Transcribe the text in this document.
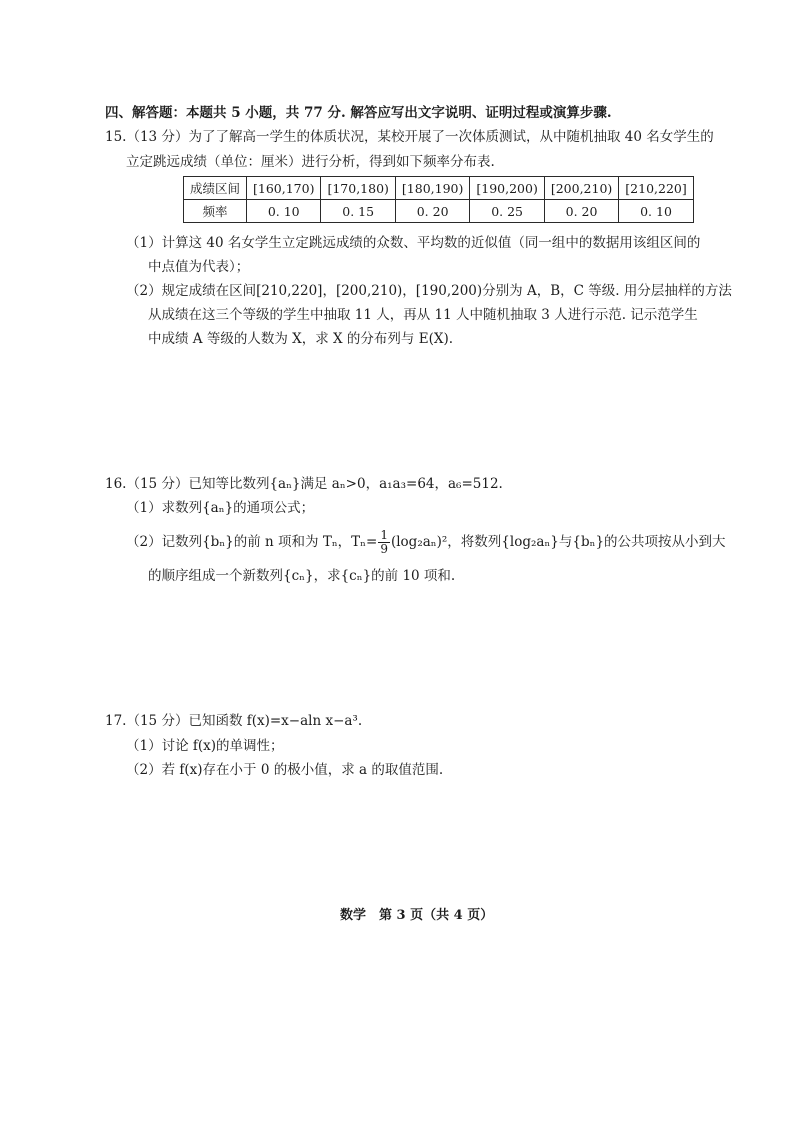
四、解答题：本题共 5 小题，共 77 分. 解答应写出文字说明、证明过程或演算步骤.
15.（13 分）为了了解高一学生的体质状况，某校开展了一次体质测试，从中随机抽取 40 名女学生的
立定跳远成绩（单位：厘米）进行分析，得到如下频率分布表.
成绩区间	[160,170)	[170,180)	[180,190)	[190,200)	[200,210)	[210,220]
频率	0. 10	0. 15	0. 20	0. 25	0. 20	0. 10
（1）计算这 40 名女学生立定跳远成绩的众数、平均数的近似值（同一组中的数据用该组区间的
中点值为代表）；
（2）规定成绩在区间[210,220]，[200,210)，[190,200)分别为 A，B，C 等级. 用分层抽样的方法
从成绩在这三个等级的学生中抽取 11 人，再从 11 人中随机抽取 3 人进行示范. 记示范学生
中成绩 A 等级的人数为 X，求 X 的分布列与 E(X).
16.（15 分）已知等比数列{aₙ}满足 aₙ>0，a₁a₃=64，a₆=512.
（1）求数列{aₙ}的通项公式；
（2）记数列{bₙ}的前 n 项和为 Tₙ，$T_n= \frac{1}{9} (\log_2a_n)^2$，将数列{log₂aₙ}与{bₙ}的公共项按从小到大
的顺序组成一个新数列{cₙ}，求{cₙ}的前 10 项和.
17.（15 分）已知函数 f(x)=x−aln x−a³.
（1）讨论 f(x)的单调性；
（2）若 f(x)存在小于 0 的极小值，求 a 的取值范围.
数学　第 3 页（共 4 页）
